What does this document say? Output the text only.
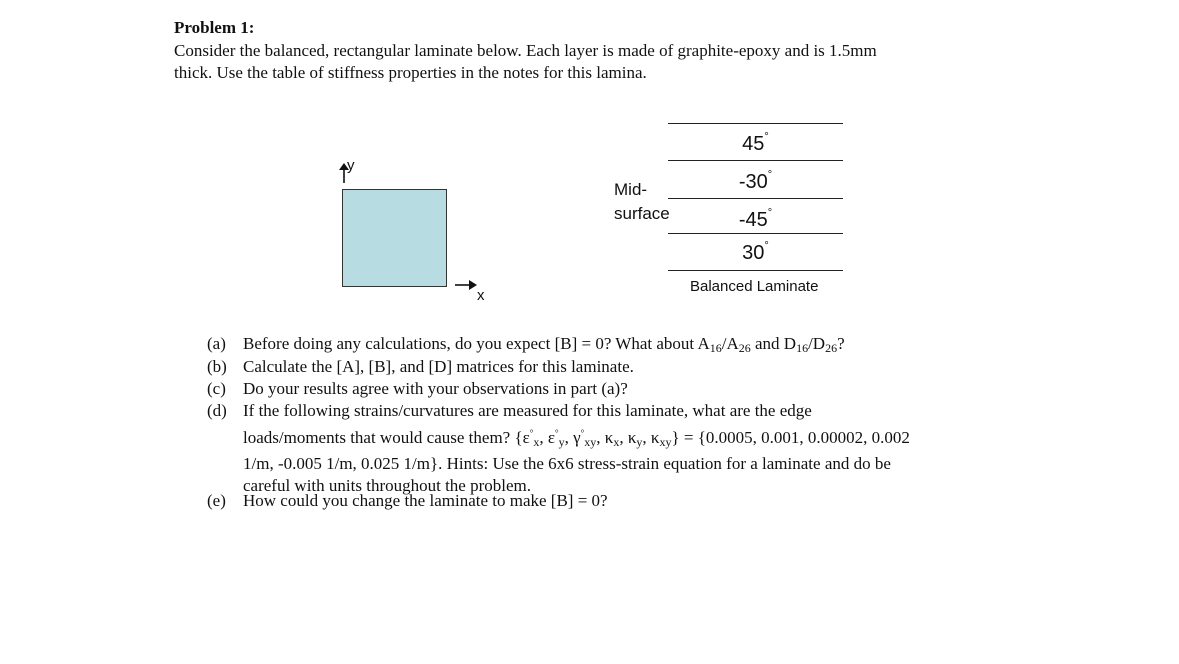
Problem 1:
Consider the balanced, rectangular laminate below. Each layer is made of graphite-epoxy and is 1.5mm
thick. Use the table of stiffness properties in the notes for this lamina.
y
x
Mid-
surface
45°
-30°
-45°
30°
Balanced Laminate
(a) Before doing any calculations, do you expect [B] = 0? What about $A_{16}/A_{26}$ and $D_{16}/D_{26}$?
(b) Calculate the [A], [B], and [D] matrices for this laminate.
(c) Do your results agree with your observations in part (a)?
(d) If the following strains/curvatures are measured for this laminate, what are the edge
loads/moments that would cause them? {$\varepsilon^\circ_x$, $\varepsilon^\circ_y$, $\gamma^\circ_{xy}$, $\kappa_x$, $\kappa_y$, $\kappa_{xy}\} = \{0.0005$, 0.001, 0.00002, 0.002
1/m, -0.005 1/m, 0.025 1/m}. Hints: Use the 6x6 stress-strain equation for a laminate and do be
careful with units throughout the problem.
(e) How could you change the laminate to make [B] = 0?
